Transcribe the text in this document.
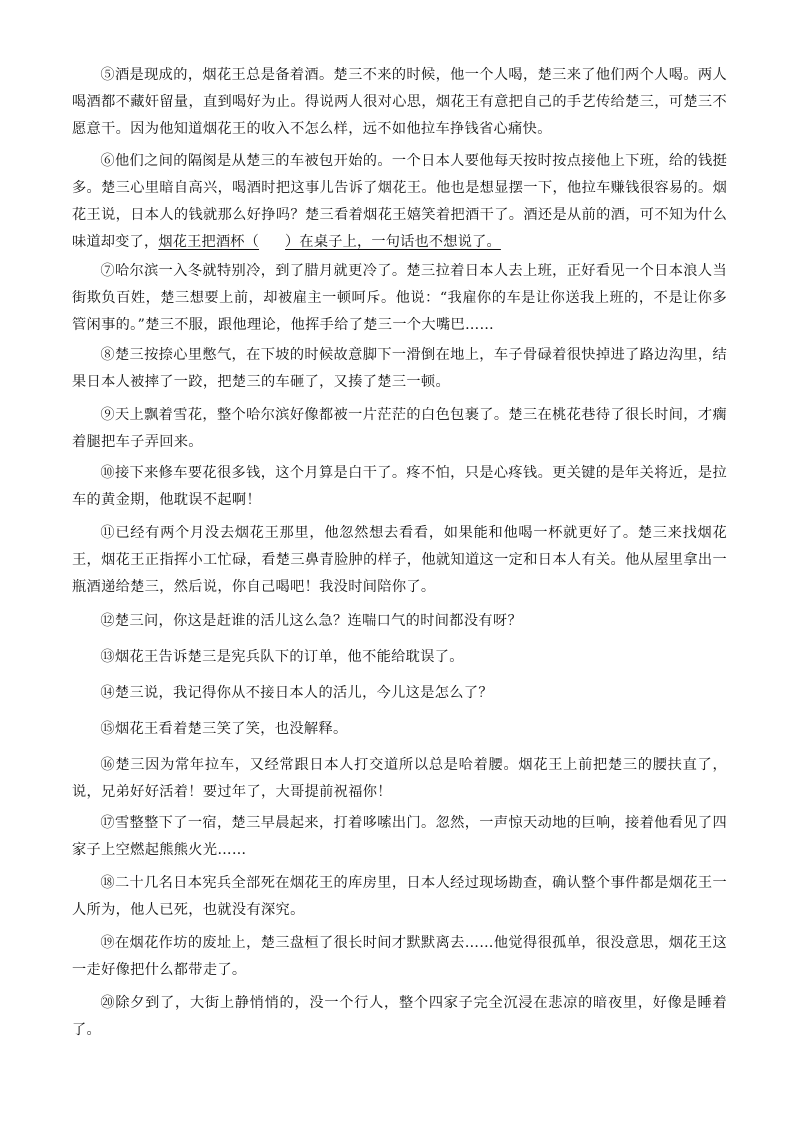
⑤酒是现成的，烟花王总是备着酒。楚三不来的时候，他一个人喝，楚三来了他们两个人喝。两人喝酒都不藏奸留量，直到喝好为止。得说两人很对心思，烟花王有意把自己的手艺传给楚三，可楚三不愿意干。因为他知道烟花王的收入不怎么样，远不如他拉车挣钱省心痛快。

⑥他们之间的隔阂是从楚三的车被包开始的。一个日本人要他每天按时按点接他上下班，给的钱挺多。楚三心里暗自高兴，喝酒时把这事儿告诉了烟花王。他也是想显摆一下，他拉车赚钱很容易的。烟花王说，日本人的钱就那么好挣吗？楚三看着烟花王嬉笑着把酒干了。酒还是从前的酒，可不知为什么味道却变了，烟花王把酒杯（ ）在桌子上，一句话也不想说了。

⑦哈尔滨一入冬就特别冷，到了腊月就更冷了。楚三拉着日本人去上班，正好看见一个日本浪人当街欺负百姓，楚三想要上前，却被雇主一顿呵斥。他说：“我雇你的车是让你送我上班的，不是让你多管闲事的。”楚三不服，跟他理论，他挥手给了楚三一个大嘴巴……

⑧楚三按捺心里憋气，在下坡的时候故意脚下一滑倒在地上，车子骨碌着很快掉进了路边沟里，结果日本人被摔了一跤，把楚三的车砸了，又揍了楚三一顿。

⑨天上飘着雪花，整个哈尔滨好像都被一片茫茫的白色包裹了。楚三在桃花巷待了很长时间，才瘸着腿把车子弄回来。

⑩接下来修车要花很多钱，这个月算是白干了。疼不怕，只是心疼钱。更关键的是年关将近，是拉车的黄金期，他耽误不起啊！

⑪已经有两个月没去烟花王那里，他忽然想去看看，如果能和他喝一杯就更好了。楚三来找烟花王，烟花王正指挥小工忙碌，看楚三鼻青脸肿的样子，他就知道这一定和日本人有关。他从屋里拿出一瓶酒递给楚三，然后说，你自己喝吧！我没时间陪你了。

⑫楚三问，你这是赶谁的活儿这么急？连喘口气的时间都没有呀？

⑬烟花王告诉楚三是宪兵队下的订单，他不能给耽误了。

⑭楚三说，我记得你从不接日本人的活儿，今儿这是怎么了？

⑮烟花王看着楚三笑了笑，也没解释。

⑯楚三因为常年拉车，又经常跟日本人打交道所以总是哈着腰。烟花王上前把楚三的腰扶直了，说，兄弟好好活着！要过年了，大哥提前祝福你！

⑰雪整整下了一宿，楚三早晨起来，打着哆嗦出门。忽然，一声惊天动地的巨响，接着他看见了四家子上空燃起熊熊火光……

⑱二十几名日本宪兵全部死在烟花王的库房里，日本人经过现场勘查，确认整个事件都是烟花王一人所为，他人已死，也就没有深究。

⑲在烟花作坊的废址上，楚三盘桓了很长时间才默默离去……他觉得很孤单，很没意思，烟花王这一走好像把什么都带走了。

⑳除夕到了，大街上静悄悄的，没一个行人，整个四家子完全沉浸在悲凉的暗夜里，好像是睡着了。
